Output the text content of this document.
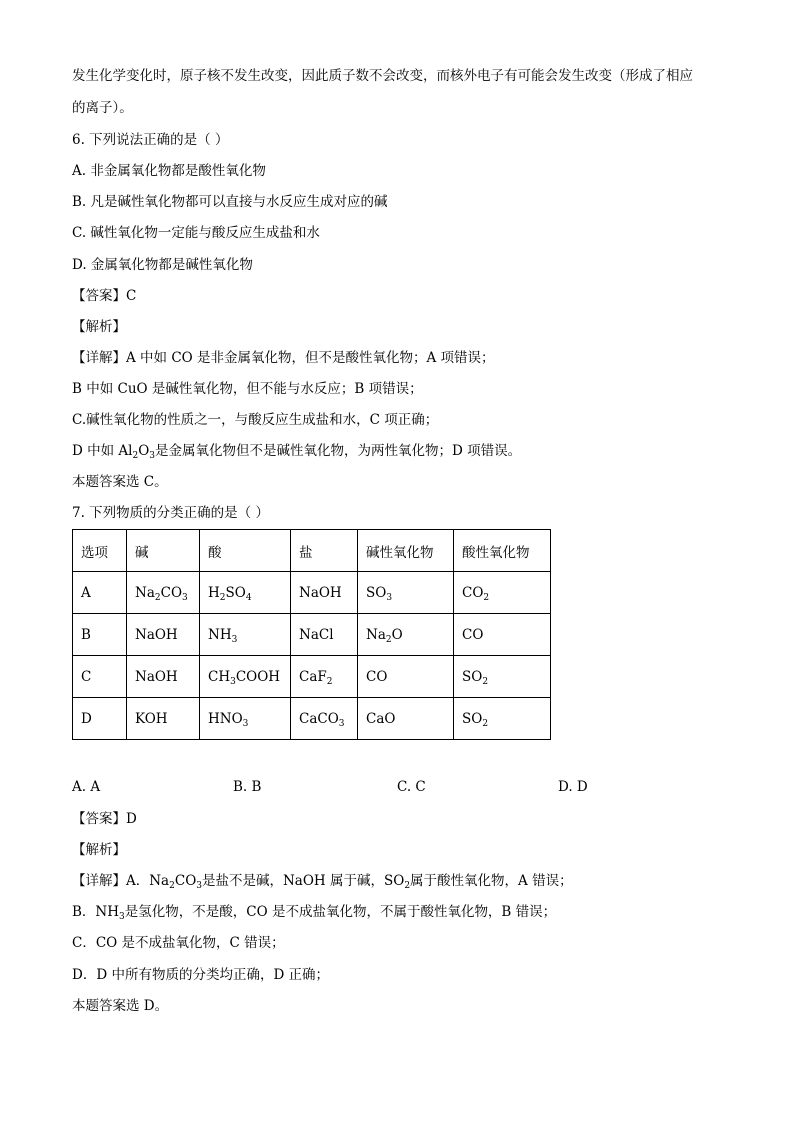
发生化学变化时，原子核不发生改变，因此质子数不会改变，而核外电子有可能会发生改变（形成了相应
的离子）。
6. 下列说法正确的是（ ）
A. 非金属氧化物都是酸性氧化物
B. 凡是碱性氧化物都可以直接与水反应生成对应的碱
C. 碱性氧化物一定能与酸反应生成盐和水
D. 金属氧化物都是碱性氧化物
【答案】C
【解析】
【详解】A 中如 CO 是非金属氧化物，但不是酸性氧化物；A 项错误；
B 中如 CuO 是碱性氧化物，但不能与水反应；B 项错误；
C.碱性氧化物的性质之一，与酸反应生成盐和水，C 项正确；
D 中如 $Al_2O_3$是金属氧化物但不是碱性氧化物，为两性氧化物；D 项错误。
本题答案选 C。
7. 下列物质的分类正确的是（ ）
选项	碱	酸	盐	碱性氧化物	酸性氧化物
A	$Na_2CO_3$	$H_2SO_4$	NaOH	$SO_3$	$CO_2$
B	NaOH	$NH_3$	NaCl	$Na_2O$	CO
C	NaOH	$CH_3COOH$	CaF$_2$	CO	$SO_2$
D	KOH	$HNO_3$	CaCO$_3$	CaO	$SO_2$
A. A	B. B	C. C	D. D
【答案】D
【解析】
【详解】A．$Na_2CO_3$是盐不是碱，NaOH 属于碱，$SO_2$属于酸性氧化物，A 错误；
B．$NH_3$是氢化物，不是酸，CO 是不成盐氧化物，不属于酸性氧化物，B 错误；
C．CO 是不成盐氧化物，C 错误；
D．D 中所有物质的分类均正确，D 正确；
本题答案选 D。
